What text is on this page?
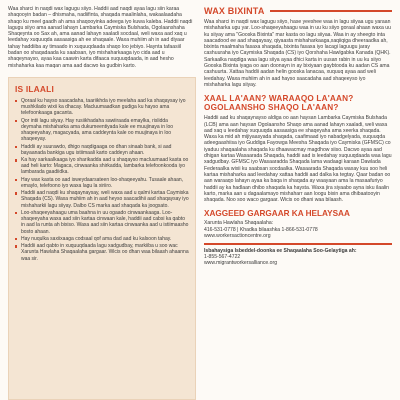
Waa sharci in naqdi wax lagugu siiyo. Haddii aad naqdi ayaa lagu siin karaa shaqooyin badan – dhismaha, nadiifinta, shaqada maalinlaha, wakaalaadaha shaqo ku meel gaadh ah ama shaqooyinka adeega iyo kuwa kaleba. Haddii naqdi lagugu siiyo ama aanad lahayn Lambarka Caymiska Bulshada, Ogolaanshaha Shaqeynta oo Sax ah, ama aanad lahayn xaaladi socdaal, weli waxa aad xaq u leedahay xuquuqda aasaasiga ah ee shaqaale. Waxa muhiim ah in aad diyaar tahay haddiiba ay timaado in xuquuqdaada shaqo loo jebiyo. Haynta tafaasiil badan oo shaqadaada ku saabsan, iyo mishaharkaaga iyo cida aad u shaqeynayso, ayaa kaa caawin karta difaaca xuquuqdaada, in aad hesho mishaharka kaa maqan ama aad dacwo ka gudbin karto.

IS ILAALI
Qoraal ku hayso saacadaha, taariikhda iyo meelaha aad ka shaqaysay iyo mushkilado wixii ka dhacay. Macluumaadkan gudiga ku hayso ama telefoonkaaga gacanta.
Qor intii lagu siiyay. Hay rusiikhadaha sawiiraada emaylka, rislidda deymaha mishaharka ama dukumeentiyada kale ee muujinaya in loo shaqeeyahay, magacyada, ama caddeynta kale oo muujinaya in loo shaqeeyay.
Haddii ay suurawdo, dhigo naqdigaaga oo dhan sinaab bank, si aad bayaanada bankiga ugu istiimaali karto caddeyn ahaan.
Ka hay sarkaalkaaga iyo sharikadda aad u shaqayso macluumaad kasta oo aad heli karto: Magaca, cinwaanka shirkadda, lambarka telefoonkooda iyo lambarada gaadiidka.
Hay wax kasta oo aad isweydaarsateen loo-shaqeeyahu. Tusaale ahaan, emaylo, telefoono iyo waxa lagu la xiriiro.
Haddii aad naqdi ku shaqaynaysay, weli waxa aad u qalmi kartaa Caymiska Shaqada (CS). Waxa muhiim ah in aad heyso saacadihii aad shaqaysay iyo mishaharkii lagu siiyay. Dalbo CS marka aad shaqada ka joogsato.
Loo-shaqeeyahaagu uma baahna in uu ogaado cinwaankaaga. Loo-shaqeeyaha waxa aad siin kartaa cinwaan kale, haddii aad cabsi ka qabto in aad la runta ah bixiso. Waxa aad siin kartaa cinwaanka aad u istiimaasho bosto ahaan.
Hay nuqulka saxiixaaga codsaal qof ama dad aad ku kalsoon tahay.
Haddii aad qabto in xuquuqdaada lagu xadgudbay, markiiba u soo wac Xarunta Hawlaha Shaqaalaha gargaar. Wicis oo dhan waa bilaash ahaanna waa sir.
WAX BIXINTA

Waa sharci in naqdi wax lagugu siiyo, hase yeeshee waa in lagu siiyaa ugu yaraan mishaharka ugu yar. Loo-shaqeeyahaagu waa in uu ku siiyo goraal ahaan waxa uu ku siiyay ama "Gooska Bixinta" mar kasta oo lagu siiyaa. Waa in ay sheegto inta saacadood ee aad shaqaysay, qiyaasta mishaharkaaga,xaqiiqiga dheeraadka ah, bixinta maalmaha fasaxa shaqada, bixinta fasaxa iyo lacagi laguugu jaray cashuuraha iyo Caymiska Shaqada (CS) iyo Qorshaha Hawlgabka Kanada (QHK). Sarkaalka naqdiga waa lagu siiya ayaa dhici karta in uusan rabin in uu ku siiyo Gooska Bixinta iyaga oo aan doonayn in ay bixiyaan gaybtooda ku aadan CS ama cashuurta. Xattaa haddii aadan helin gooska lanacaa, xuquuq ayaa aad weli leedahay. Waxa muhiim ah in aad hayso saacadaha aad shaqeeyso iyo mishaharka lagu siiyay.

XAAL LA'AAN? WARAAQO LA'AAN? OGOLAANSHO SHAQO LA'AAN?

Haddii aad ku shaqaynayso aldiga oo aan haysan Lambarka Caymiska Bulshada (LCB) ama aan haysan Ogolaansho Shaqo ama aanad lahayn xaaladi, weli waxa aad xaq u leedahay xuquuqda aasaasiga ee shaqeyaha ama xeerka shaqada. Waxa ka mid ah mijiyaasyada shaqada, caafimaad iyo nabadgelyada, xuquuqda adeegaashiisa iyo Guddiga Fayowga Meesha Shaqada iyo Caymiska (GFMSC) co iyaduu shaqaalaha shaqada ku dhaawacmay magdhow siiso. Dacwo ayaa aad dhigan kartaa Wasaarada Shaqada, haddii aad is leedahay xuquuqdaada waa lagu xadgudbay. GFMSC iyo Wasaaradda Shaqada lama wadaagi karaan Dawlada Federaalka wixii ku saabsan socdaalka. Wasaarada Shaqada waxay kuu soo heli kartaa mishaharka aad leedahay xattaa haddii aad dalka ka tegtay. Qaar badan oo aan waraaqo lahayn ayaa ka baqa in shaqada ay waayaan ama la masaafuriyo haddii ay ka hadlaan dhibo shaqada ka haysta. Waxa jira siyaabo ayna isku ilaalin karto, marka aan u dagaalamayo mishaharr aan loogu bixin ama dhibaatooyin shaqada. Noo soo waco gargaar. Wicis oo dhani waa bilaash.

XAGGEED GARGAAR KA HELAYSAA

Xarunta Hawlaha Shaqaalaha:

416-531-0778 | Khadka bilaashka 1-866-531-0778

www.workersactioncentre.org

Isbahaysiga Isbeddel-doonka ee Shaqaalaha Soo-Gelaytiga ah:

1-855-567-4722

www.migrantworkersalliance.org
